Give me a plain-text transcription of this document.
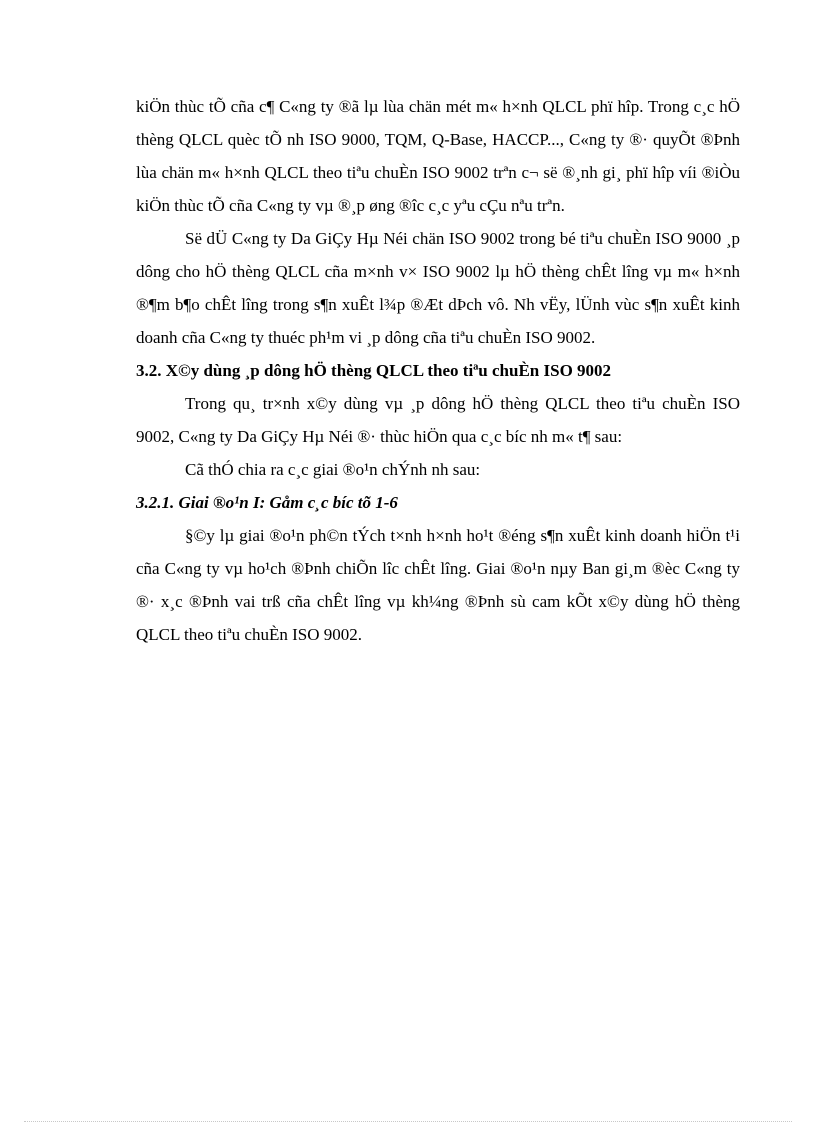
kiÖn thùc tÕ cña c¶ C«ng ty ®ã lµ lùa chän mét m« h×nh QLCL phï hîp. Trong c¸c hÖ thèng QLCL quèc tÕ nh ISO 9000, TQM, Q-Base, HACCP..., C«ng ty ®· quyÕt ®Þnh lùa chän m« h×nh QLCL theo tiªu chuÈn ISO 9002 trªn c¬ së ®¸nh gi¸ phï hîp víi ®iÒu kiÖn thùc tÕ cña C«ng ty vµ ®¸p øng ®îc c¸c yªu cÇu nªu trªn.

Së dÜ C«ng ty Da GiÇy Hµ Néi chän ISO 9002 trong bé tiªu chuÈn ISO 9000 ¸p dông cho hÖ thèng QLCL cña m×nh v× ISO 9002 lµ hÖ thèng chÊt lîng vµ m« h×nh ®¶m b¶o chÊt lîng trong s¶n xuÊt l¾p ®Æt dÞch vô. Nh vËy, lÜnh vùc s¶n xuÊt kinh doanh cña C«ng ty thuéc ph¹m vi ¸p dông cña tiªu chuÈn ISO 9002.

3.2. X©y dùng ¸p dông hÖ thèng QLCL theo tiªu chuÈn ISO 9002

Trong qu¸ tr×nh x©y dùng vµ ¸p dông hÖ thèng QLCL theo tiªu chuÈn ISO 9002, C«ng ty Da GiÇy Hµ Néi ®· thùc hiÖn qua c¸c bíc nh m« t¶ sau:

Cã thÓ chia ra c¸c giai ®o¹n chÝnh nh sau:

3.2.1. Giai ®o¹n I: Gåm c¸c bíc tõ 1-6

§©y lµ giai ®o¹n ph©n tÝch t×nh h×nh ho¹t ®éng s¶n xuÊt kinh doanh hiÖn t¹i cña C«ng ty vµ ho¹ch ®Þnh chiÕn lîc chÊt lîng. Giai ®o¹n nµy Ban gi¸m ®èc C«ng ty ®· x¸c ®Þnh vai trß cña chÊt lîng vµ kh¼ng ®Þnh sù cam kÕt x©y dùng hÖ thèng QLCL theo tiªu chuÈn ISO 9002.
